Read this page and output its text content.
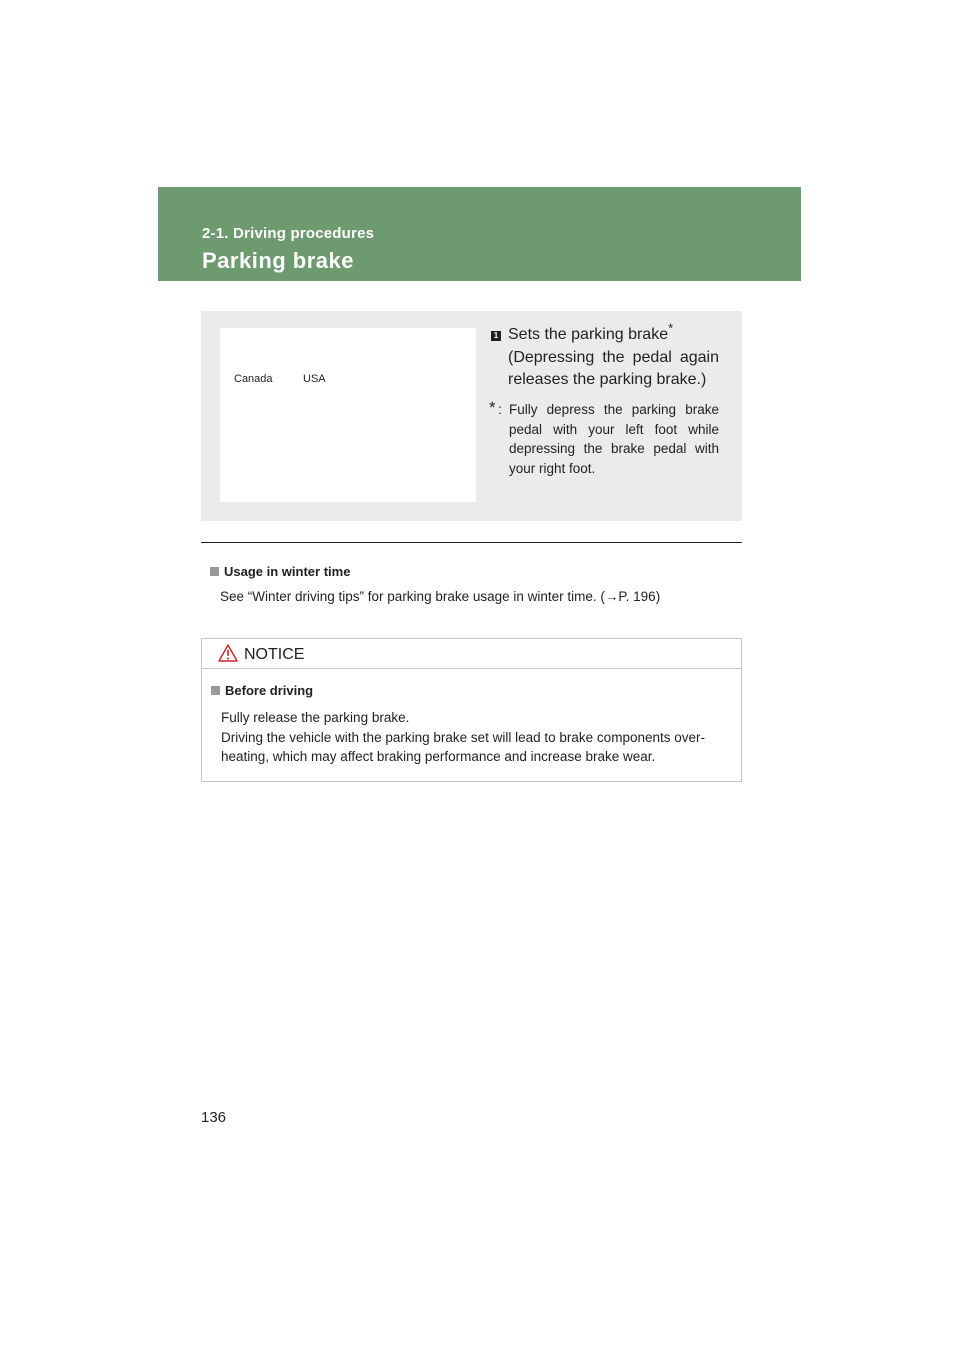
2-1. Driving procedures
Parking brake
Canada	USA
1 Sets the parking brake*

(Depressing the pedal again

releases the parking brake.)

* : Fully depress the parking brake pedal with your left foot while depressing the brake pedal with your right foot.
Usage in winter time
See “Winter driving tips” for parking brake usage in winter time. (→P. 196)
NOTICE
Before driving
Fully release the parking brake.
Driving the vehicle with the parking brake set will lead to brake components over-
heating, which may affect braking performance and increase brake wear.
136
